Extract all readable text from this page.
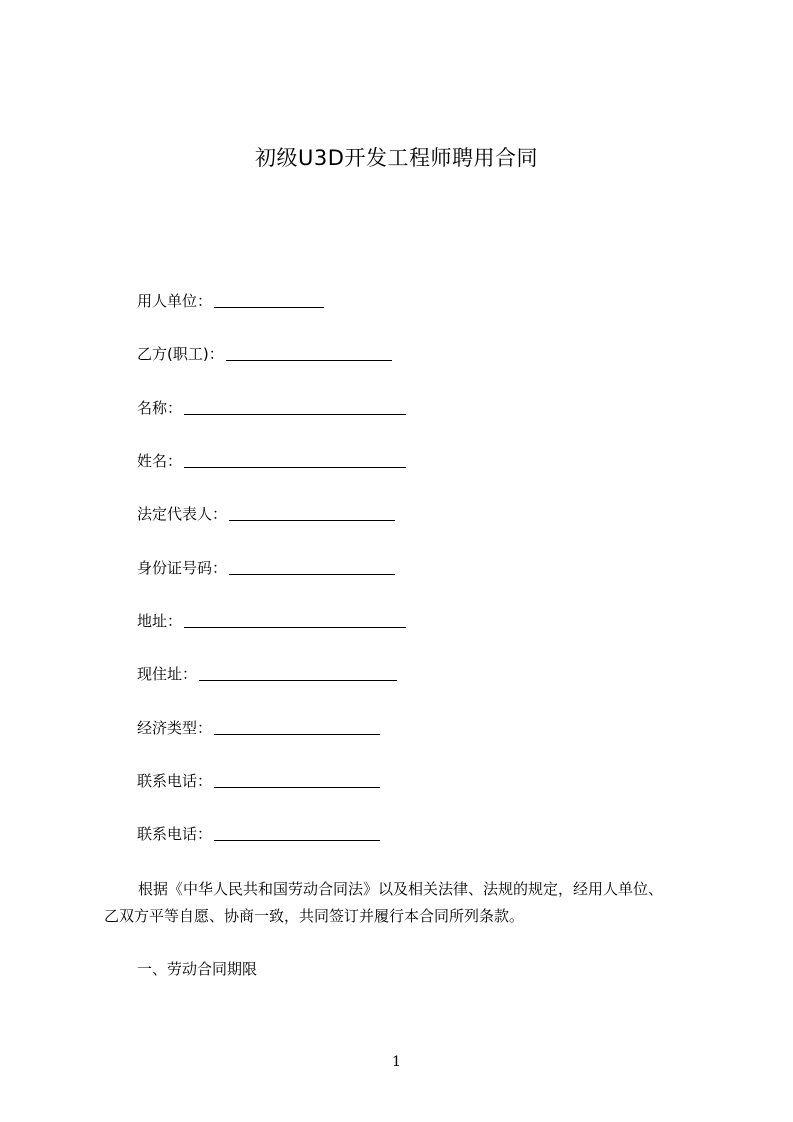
初级U3D开发工程师聘用合同
用人单位：
乙方(职工)：
名称：
姓名：
法定代表人：
身份证号码：
地址：
现住址：
经济类型：
联系电话：
联系电话：
根据《中华人民共和国劳动合同法》以及相关法律、法规的规定，经用人单位、
乙双方平等自愿、协商一致，共同签订并履行本合同所列条款。
一、劳动合同期限
1
